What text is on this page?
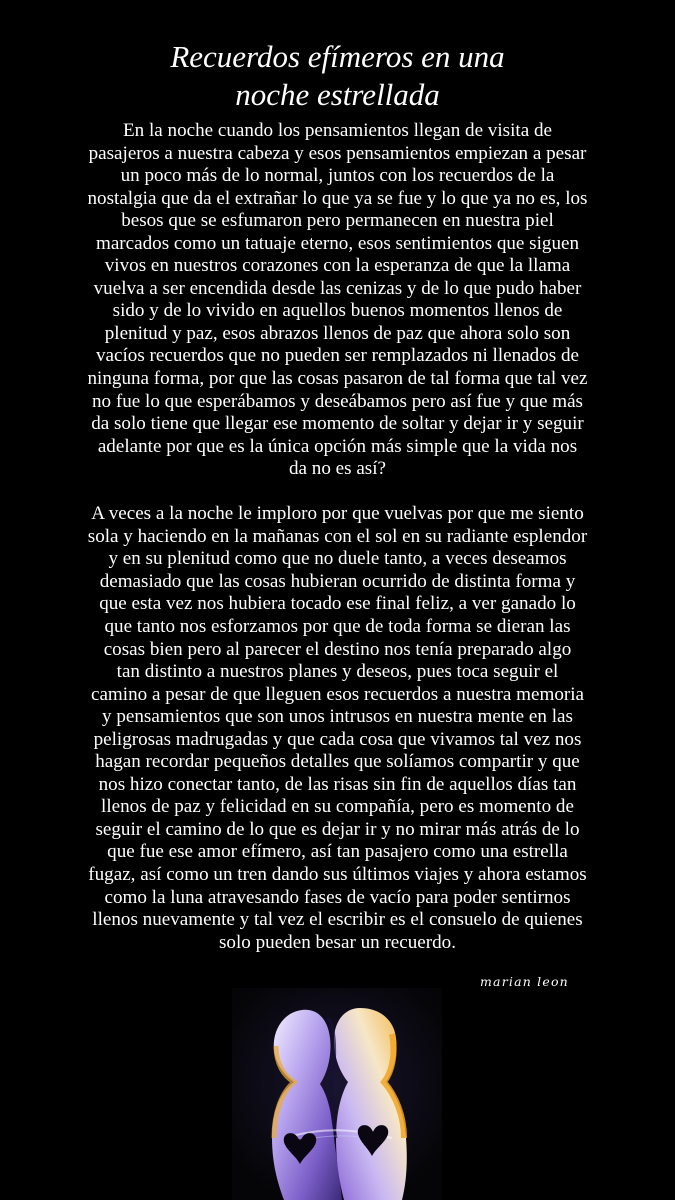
Recuerdos efímeros en una
noche estrellada
En la noche cuando los pensamientos llegan de visita de
pasajeros a nuestra cabeza y esos pensamientos empiezan a pesar
un poco más de lo normal, juntos con los recuerdos de la
nostalgia que da el extrañar lo que ya se fue y lo que ya no es, los
besos que se esfumaron pero permanecen en nuestra piel
marcados como un tatuaje eterno, esos sentimientos que siguen
vivos en nuestros corazones con la esperanza de que la llama
vuelva a ser encendida desde las cenizas y de lo que pudo haber
sido y de lo vivido en aquellos buenos momentos llenos de
plenitud y paz, esos abrazos llenos de paz que ahora solo son
vacíos recuerdos que no pueden ser remplazados ni llenados de
ninguna forma, por que las cosas pasaron de tal forma que tal vez
no fue lo que esperábamos y deseábamos pero así fue y que más
da solo tiene que llegar ese momento de soltar y dejar ir y seguir
adelante por que es la única opción más simple que la vida nos
da no es así?
A veces a la noche le imploro por que vuelvas por que me siento
sola y haciendo en la mañanas con el sol en su radiante esplendor
y en su plenitud como que no duele tanto, a veces deseamos
demasiado que las cosas hubieran ocurrido de distinta forma y
que esta vez nos hubiera tocado ese final feliz, a ver ganado lo
que tanto nos esforzamos por que de toda forma se dieran las
cosas bien pero al parecer el destino nos tenía preparado algo
tan distinto a nuestros planes y deseos, pues toca seguir el
camino a pesar de que lleguen esos recuerdos a nuestra memoria
y pensamientos que son unos intrusos en nuestra mente en las
peligrosas madrugadas y que cada cosa que vivamos tal vez nos
hagan recordar pequeños detalles que solíamos compartir y que
nos hizo conectar tanto, de las risas sin fin de aquellos días tan
llenos de paz y felicidad en su compañía, pero es momento de
seguir el camino de lo que es dejar ir y no mirar más atrás de lo
que fue ese amor efímero, así tan pasajero como una estrella
fugaz, así como un tren dando sus últimos viajes y ahora estamos
como la luna atravesando fases de vacío para poder sentirnos
llenos nuevamente y tal vez el escribir es el consuelo de quienes
solo pueden besar un recuerdo.
marian leon
